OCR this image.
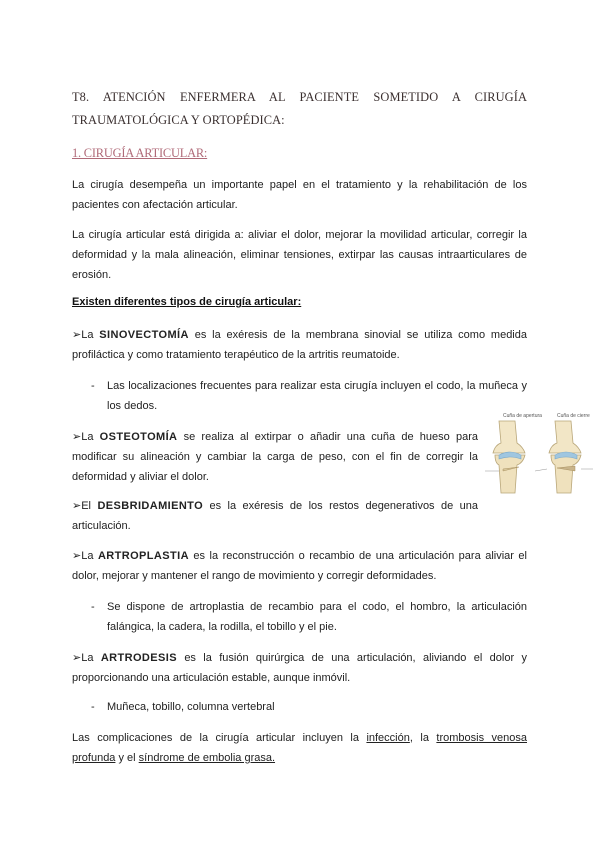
T8. ATENCIÓN ENFERMERA AL PACIENTE SOMETIDO A CIRUGÍA
TRAUMATOLÓGICA Y ORTOPÉDICA:
1. CIRUGÍA ARTICULAR:
La cirugía desempeña un importante papel en el tratamiento y la rehabilitación de los
pacientes con afectación articular.
La cirugía articular está dirigida a: aliviar el dolor, mejorar la movilidad articular, corregir la
deformidad y la mala alineación, eliminar tensiones, extirpar las causas intraarticulares de
erosión.
Existen diferentes tipos de cirugía articular:
➢La SINOVECTOMÍA es la exéresis de la membrana sinovial se utiliza como medida
profiláctica y como tratamiento terapéutico de la artritis reumatoide.
- Las localizaciones frecuentes para realizar esta cirugía incluyen el codo, la muñeca y
los dedos.
➢La OSTEOTOMÍA se realiza al extirpar o añadir una cuña de hueso para
modificar su alineación y cambiar la carga de peso, con el fin de corregir la
deformidad y aliviar el dolor.
Cuña de apertura	Cuña de cierre
➢El DESBRIDAMIENTO es la exéresis de los restos degenerativos de una
articulación.
➢La ARTROPLASTIA es la reconstrucción o recambio de una articulación para aliviar el
dolor, mejorar y mantener el rango de movimiento y corregir deformidades.
- Se dispone de artroplastia de recambio para el codo, el hombro, la articulación
falángica, la cadera, la rodilla, el tobillo y el pie.
➢La ARTRODESIS es la fusión quirúrgica de una articulación, aliviando el dolor y
proporcionando una articulación estable, aunque inmóvil.
- Muñeca, tobillo, columna vertebral
Las complicaciones de la cirugía articular incluyen la infección, la trombosis venosa
profunda y el síndrome de embolia grasa.
